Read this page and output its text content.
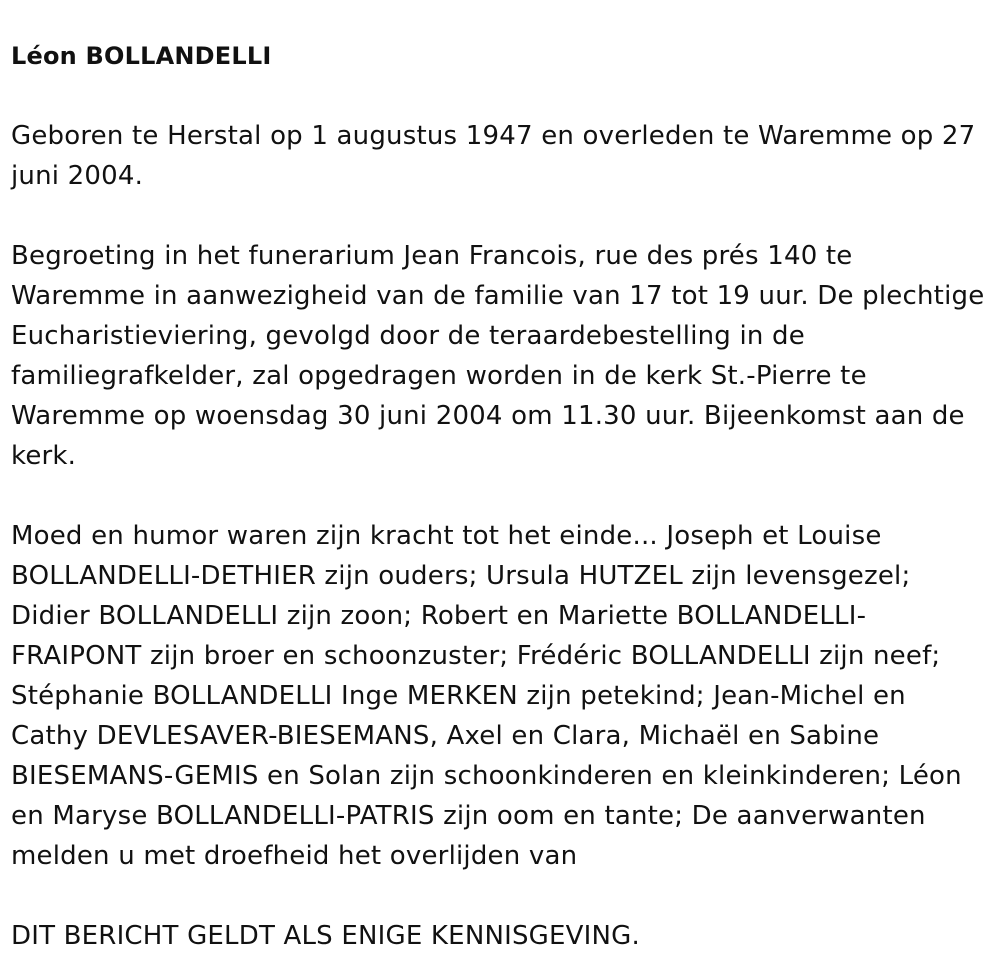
Léon BOLLANDELLI
Geboren te Herstal op 1 augustus 1947 en overleden te Waremme op 27
juni 2004.
Begroeting in het funerarium Jean Francois, rue des prés 140 te
Waremme in aanwezigheid van de familie van 17 tot 19 uur. De plechtige
Eucharistieviering, gevolgd door de teraardebestelling in de
familiegrafkelder, zal opgedragen worden in de kerk St.-Pierre te
Waremme op woensdag 30 juni 2004 om 11.30 uur. Bijeenkomst aan de
kerk.
Moed en humor waren zijn kracht tot het einde... Joseph et Louise
BOLLANDELLI-DETHIER zijn ouders; Ursula HUTZEL zijn levensgezel;
Didier BOLLANDELLI zijn zoon; Robert en Mariette BOLLANDELLI-
FRAIPONT zijn broer en schoonzuster; Frédéric BOLLANDELLI zijn neef;
Stéphanie BOLLANDELLI Inge MERKEN zijn petekind; Jean-Michel en
Cathy DEVLESAVER-BIESEMANS, Axel en Clara, Michaël en Sabine
BIESEMANS-GEMIS en Solan zijn schoonkinderen en kleinkinderen; Léon
en Maryse BOLLANDELLI-PATRIS zijn oom en tante; De aanverwanten
melden u met droefheid het overlijden van
DIT BERICHT GELDT ALS ENIGE KENNISGEVING.
